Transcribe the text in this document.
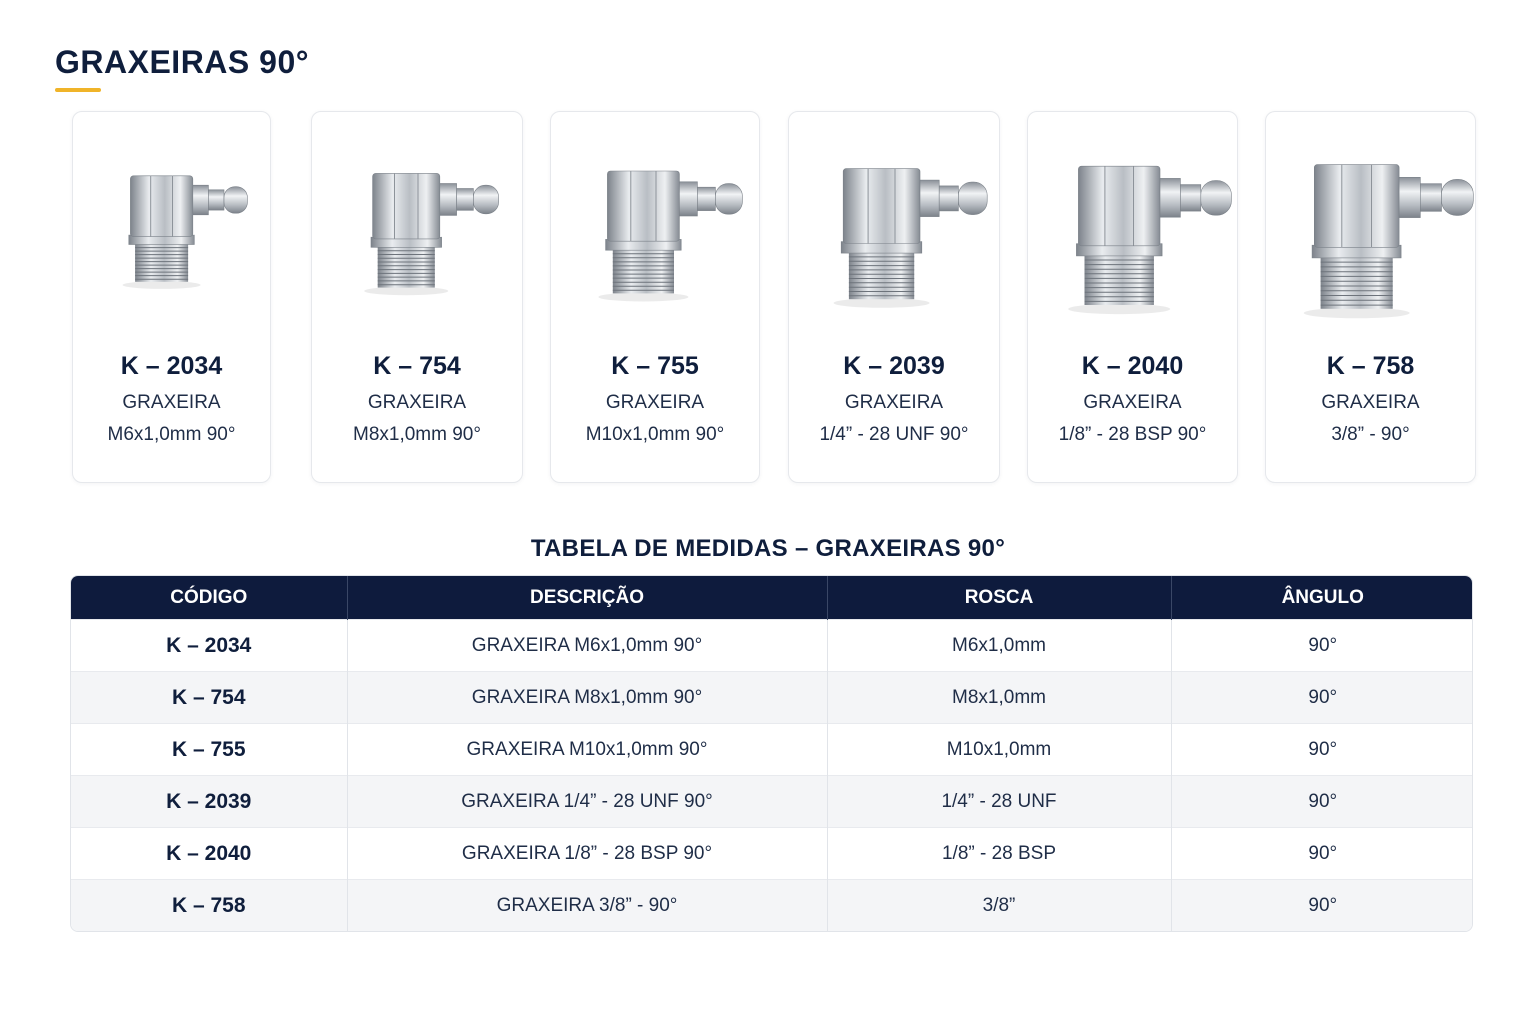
GRAXEIRAS 90°
K – 2034
GRAXEIRA
M6x1,0mm 90°
K – 754
GRAXEIRA
M8x1,0mm 90°
K – 755
GRAXEIRA
M10x1,0mm 90°
K – 2039
GRAXEIRA
1/4” - 28 UNF 90°
K – 2040
GRAXEIRA
1/8” - 28 BSP 90°
K – 758
GRAXEIRA
3/8” - 90°
TABELA DE MEDIDAS – GRAXEIRAS 90°
CÓDIGO	DESCRIÇÃO	ROSCA	ÂNGULO
K – 2034	GRAXEIRA M6x1,0mm 90°	M6x1,0mm	90°
K – 754	GRAXEIRA M8x1,0mm 90°	M8x1,0mm	90°
K – 755	GRAXEIRA M10x1,0mm 90°	M10x1,0mm	90°
K – 2039	GRAXEIRA 1/4” - 28 UNF 90°	1/4” - 28 UNF	90°
K – 2040	GRAXEIRA 1/8” - 28 BSP 90°	1/8” - 28 BSP	90°
K – 758	GRAXEIRA 3/8” - 90°	3/8”	90°
